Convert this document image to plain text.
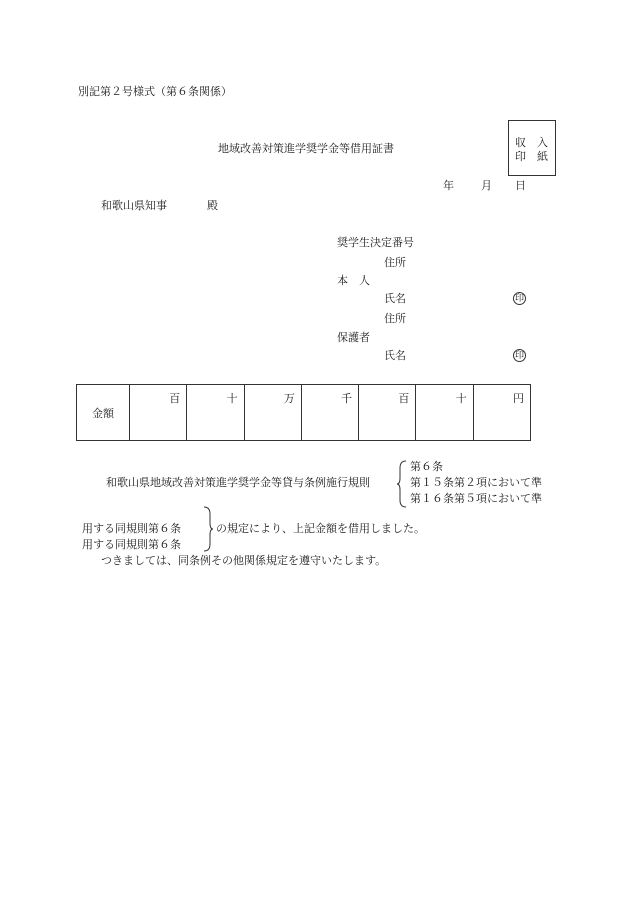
別記第２号様式（第６条関係）
収　入
印　紙
地域改善対策進学奨学金等借用証書
年 月 日
和歌山県知事	殿
奨学生決定番号
住所
本　人
氏名	印
住所
保護者
氏名	印
金額	
百	十	万	千	百	十	円
和歌山県地域改善対策進学奨学金等貸与条例施行規則
第６条
第１５条第２項において準
第１６条第５項において準
用する同規則第６条
用する同規則第６条
の規定により、上記金額を借用しました。
つきましては、同条例その他関係規定を遵守いたします。
